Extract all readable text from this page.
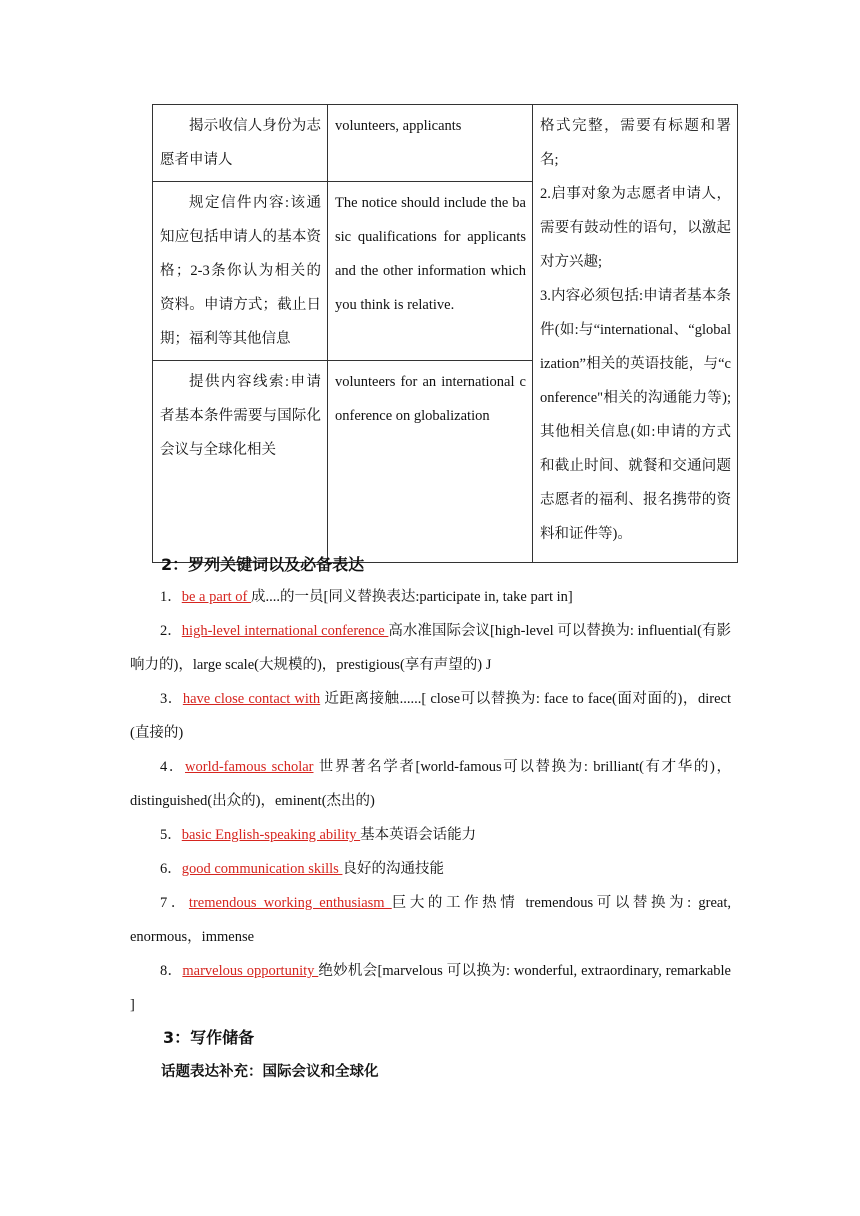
揭示收信人身份为志愿者申请人	volunteers, applicants	格式完整，需要有标题和署名;

2.启事对象为志愿者申请人，需要有鼓动性的语句，以激起对方兴趣;

3.内容必须包括:申请者基本条件(如:与“international、“globalization”相关的英语技能，与“conference"相关的沟通能力等);其他相关信息(如:申请的方式和截止时间、就餐和交通问题志愿者的福利、报名携带的资料和证件等)。

规定信件内容:该通知应包括申请人的基本资格；2-3条你认为相关的资料。申请方式；截止日期；福利等其他信息	The notice should include the basic qualifications for applicants and the other information which you think is relative.	
提供内容线索:申请者基本条件需要与国际化会议与全球化相关	volunteers for an international conference on globalization	
2：罗列关键词以及必备表达
1．be a part of 成....的一员[同义替换表达:participate in, take part in]
2．high-level international conference 高水准国际会议[high-level 可以替换为: influential(有影响力的)，large scale(大规模的)，prestigious(享有声望的) J
3．have close contact with 近距离接触......[ close可以替换为: face to face(面对面的)，direct (直接的)
4．world-famous scholar 世界著名学者[world-famous可以替换为: brilliant(有才华的)，distinguished(出众的)，eminent(杰出的)
5．basic English-speaking ability 基本英语会话能力
6．good communication skills 良好的沟通技能
7．tremendous working enthusiasm 巨大的工作热情 tremendous可以替换为: great, enormous，immense
8．marvelous opportunity 绝妙机会[marvelous 可以换为: wonderful, extraordinary, remarkable ]
3：写作储备
话题表达补充：国际会议和全球化
